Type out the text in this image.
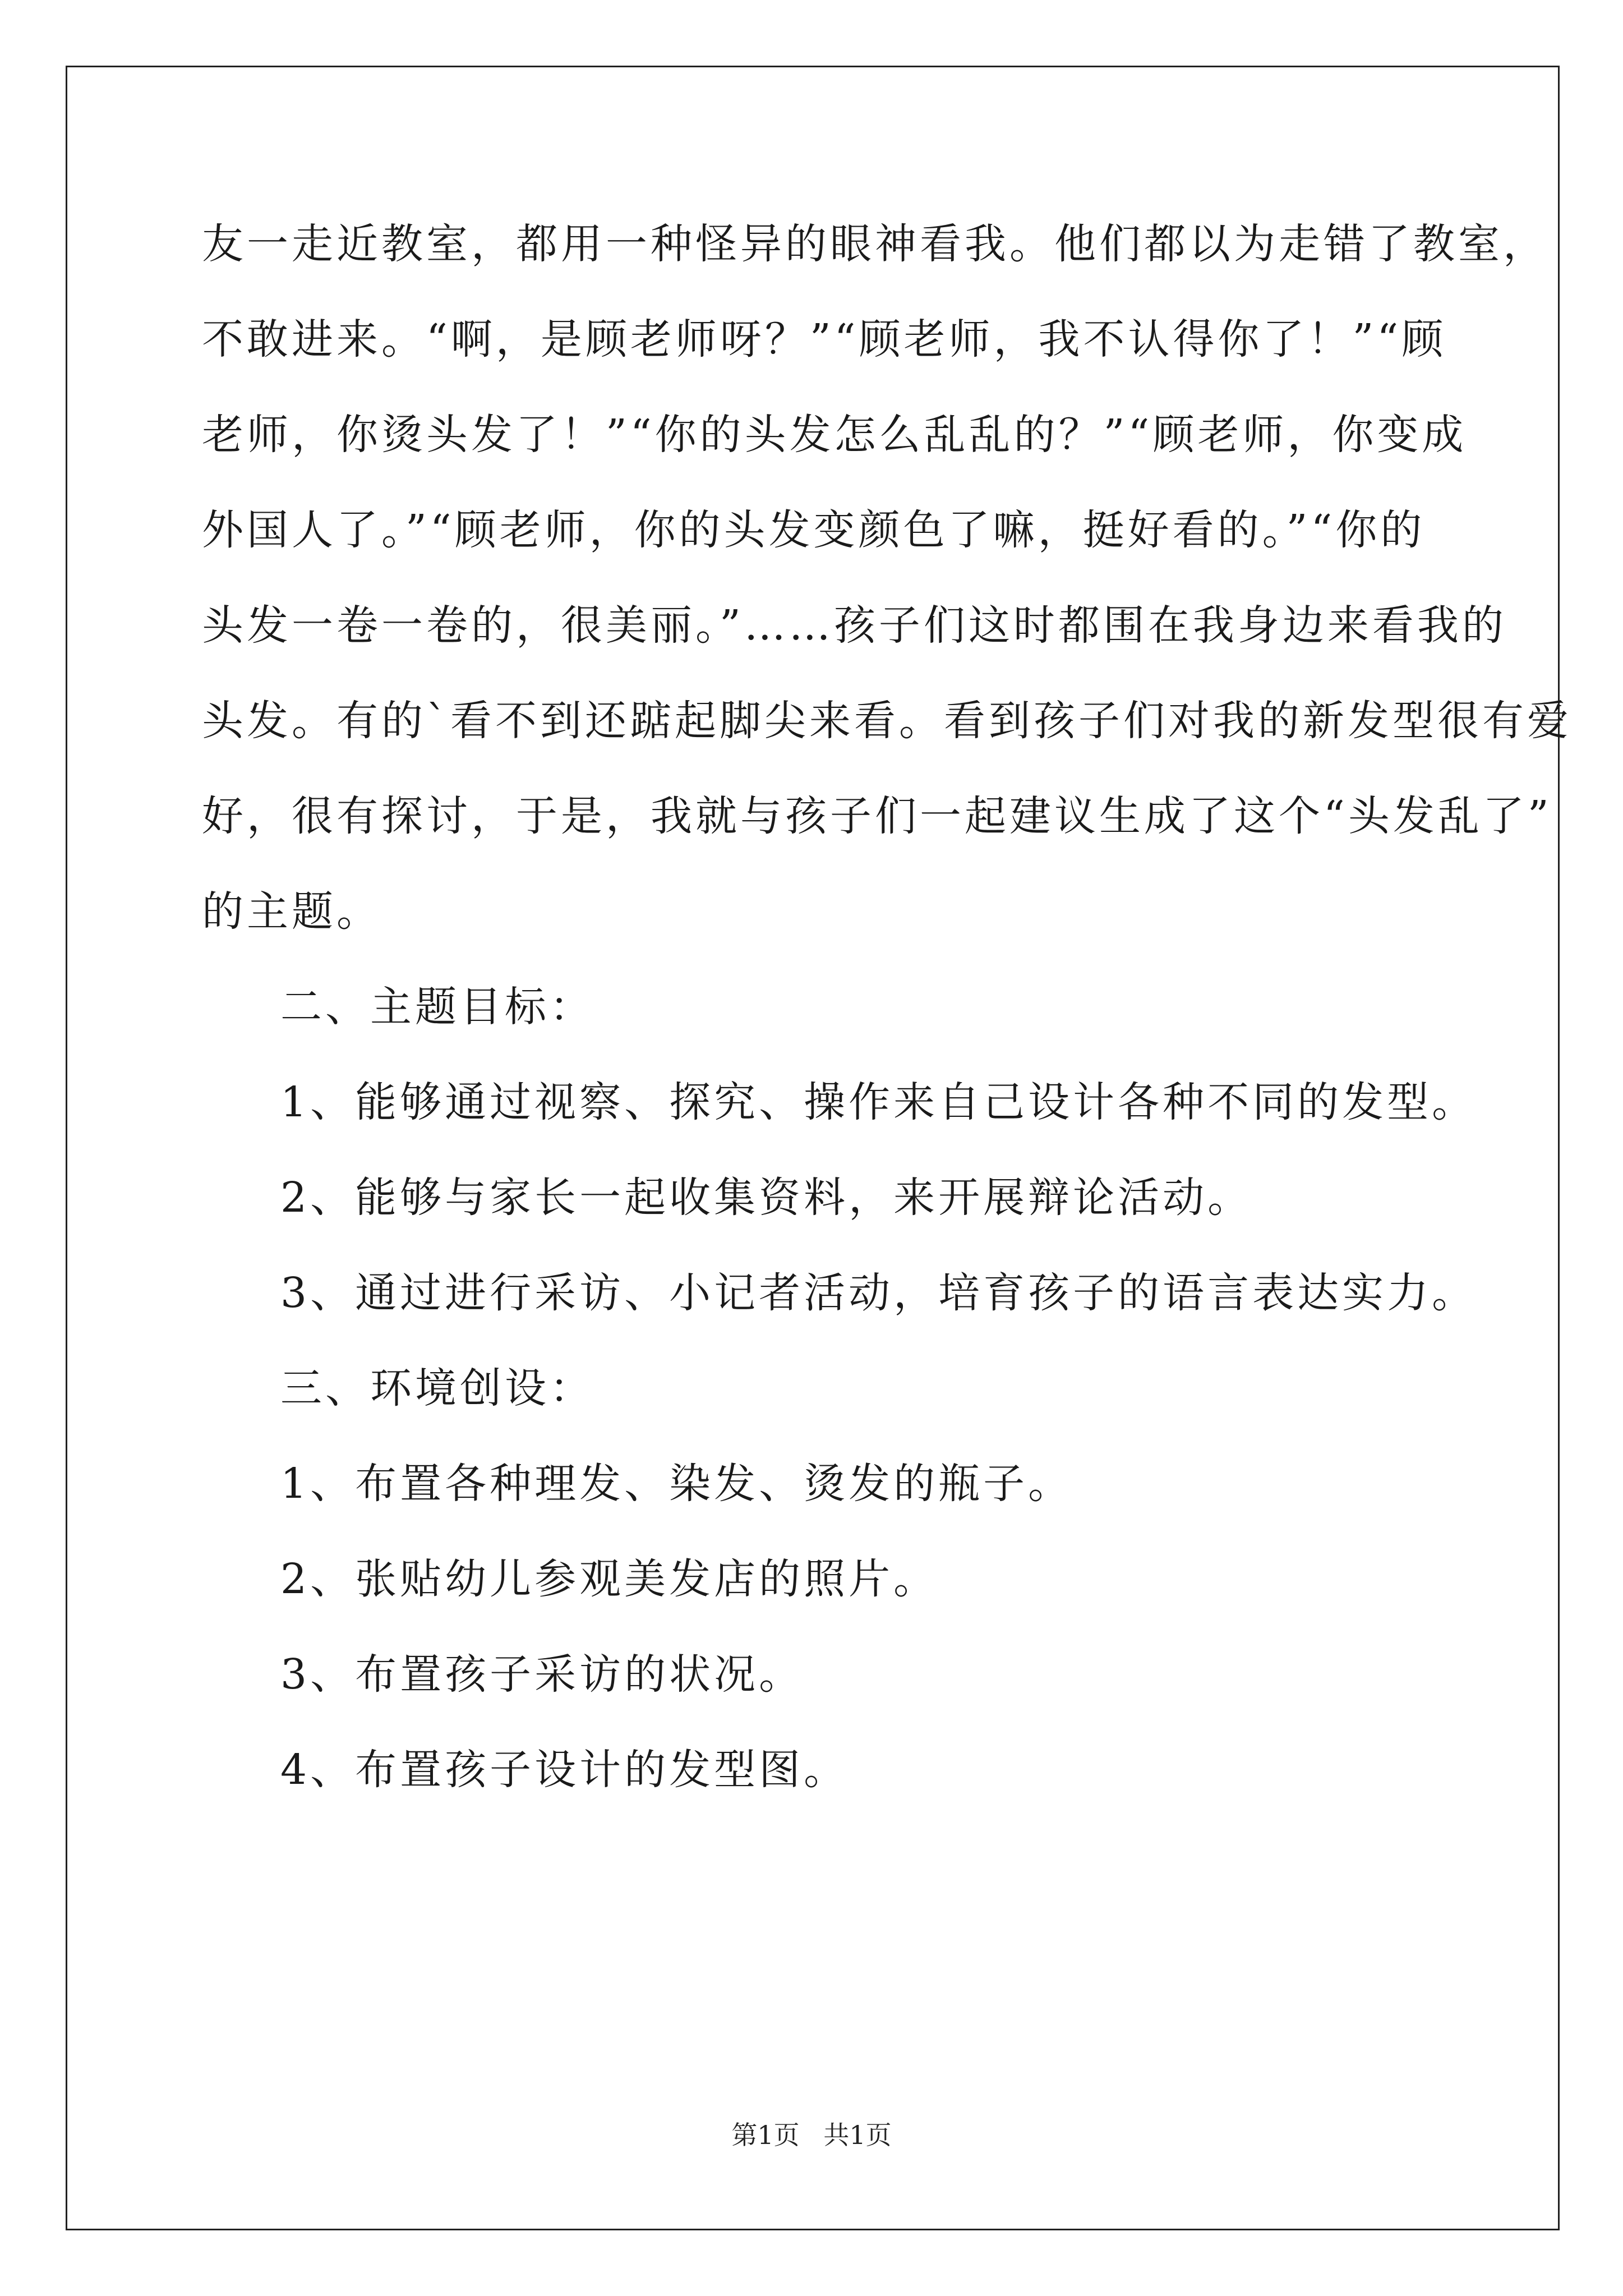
友一走近教室，都用一种怪异的眼神看我。他们都以为走错了教室，
不敢进来。“啊，是顾老师呀？”“顾老师，我不认得你了！”“顾
老师，你烫头发了！”“你的头发怎么乱乱的？”“顾老师，你变成
外国人了。”“顾老师，你的头发变颜色了嘛，挺好看的。”“你的
头发一卷一卷的，很美丽。”……孩子们这时都围在我身边来看我的
头发。有的`看不到还踮起脚尖来看。看到孩子们对我的新发型很有爱
好，很有探讨，于是，我就与孩子们一起建议生成了这个“头发乱了”
的主题。
二、主题目标：
1、能够通过视察、探究、操作来自己设计各种不同的发型。
2、能够与家长一起收集资料，来开展辩论活动。
3、通过进行采访、小记者活动，培育孩子的语言表达实力。
三、环境创设：
1、布置各种理发、染发、烫发的瓶子。
2、张贴幼儿参观美发店的照片。
3、布置孩子采访的状况。
4、布置孩子设计的发型图。
第1页 共1页
